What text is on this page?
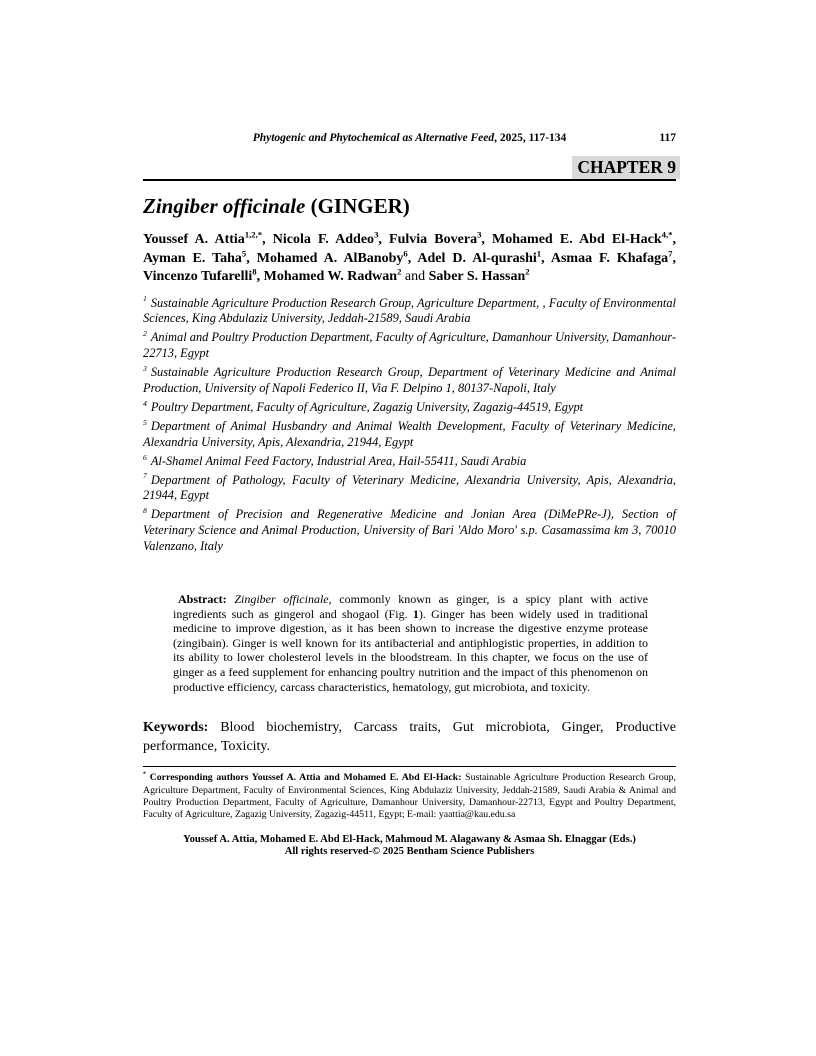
Phytogenic and Phytochemical as Alternative Feed, 2025, 117-134	117
CHAPTER 9
Zingiber officinale (GINGER)

Youssef A. Attia$^{1,2,*}$, Nicola F. Addeo$^3$, Fulvia Bovera$^3$, Mohamed E. Abd El-Hack$^{4,*}$, Ayman E. Taha$^5$, Mohamed A. AlBanoby$^6$, Adel D. Al-qurashi$^1$, Asmaa F. Khafaga$^7$, Vincenzo Tufarelli$^8$, Mohamed W. Radwan$^2$ and Saber S. Hassan$^2$

$^1$ Sustainable Agriculture Production Research Group, Agriculture Department, , Faculty of Environmental Sciences, King Abdulaziz University, Jeddah-21589, Saudi Arabia

$^2$ Animal and Poultry Production Department, Faculty of Agriculture, Damanhour University, Damanhour-22713, Egypt

$^3$ Sustainable Agriculture Production Research Group, Department of Veterinary Medicine and Animal Production, University of Napoli Federico II, Via F. Delpino 1, 80137-Napoli, Italy

$^4$ Poultry Department, Faculty of Agriculture, Zagazig University, Zagazig-44519, Egypt

$^5$ Department of Animal Husbandry and Animal Wealth Development, Faculty of Veterinary Medicine, Alexandria University, Apis, Alexandria, 21944, Egypt

$^6$ Al-Shamel Animal Feed Factory, Industrial Area, Hail-55411, Saudi Arabia

$^7$ Department of Pathology, Faculty of Veterinary Medicine, Alexandria University, Apis, Alexandria, 21944, Egypt

$^8$ Department of Precision and Regenerative Medicine and Jonian Area (DiMePRe-J), Section of Veterinary Science and Animal Production, University of Bari 'Aldo Moro' s.p. Casamassima km 3, 70010 Valenzano, Italy

Abstract: Zingiber officinale, commonly known as ginger, is a spicy plant with active ingredients such as gingerol and shogaol (Fig. 1). Ginger has been widely used in traditional medicine to improve digestion, as it has been shown to increase the digestive enzyme protease (zingibain). Ginger is well known for its antibacterial and antiphlogistic properties, in addition to its ability to lower cholesterol levels in the bloodstream. In this chapter, we focus on the use of ginger as a feed supplement for enhancing poultry nutrition and the impact of this phenomenon on productive efficiency, carcass characteristics, hematology, gut microbiota, and toxicity.

Keywords: Blood biochemistry, Carcass traits, Gut microbiota, Ginger, Productive performance, Toxicity.

* Corresponding authors Youssef A. Attia and Mohamed E. Abd El-Hack: Sustainable Agriculture Production Research Group, Agriculture Department, Faculty of Environmental Sciences, King Abdulaziz University, Jeddah-21589, Saudi Arabia & Animal and Poultry Production Department, Faculty of Agriculture, Damanhour University, Damanhour-22713, Egypt and Poultry Department, Faculty of Agriculture, Zagazig University, Zagazig-44511, Egypt; E-mail: yaattia@kau.edu.sa

Youssef A. Attia, Mohamed E. Abd El-Hack, Mahmoud M. Alagawany & Asmaa Sh. Elnaggar (Eds.)
All rights reserved-© 2025 Bentham Science Publishers
